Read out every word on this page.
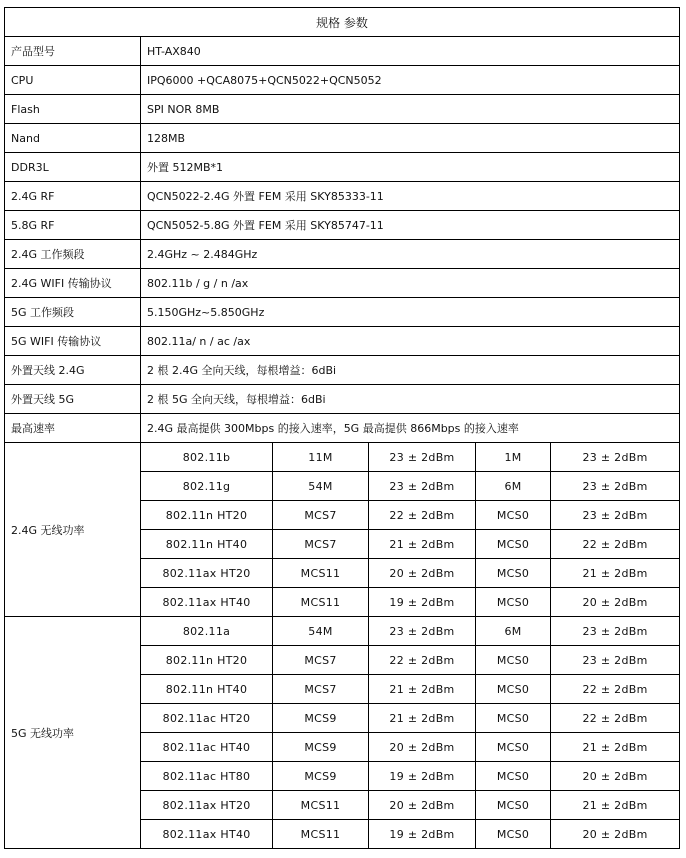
规格 参数					
产品型号	HT-AX840				
CPU	IPQ6000 +QCA8075+QCN5022+QCN5052				
Flash	SPI NOR 8MB				
Nand	128MB				
DDR3L	外置 512MB*1				
2.4G RF	QCN5022-2.4G 外置 FEM 采用 SKY85333-11				
5.8G RF	QCN5052-5.8G 外置 FEM 采用 SKY85747-11				
2.4G 工作频段	2.4GHz ~ 2.484GHz				
2.4G WIFI 传输协议	802.11b / g / n /ax				
5G 工作频段	5.150GHz~5.850GHz				
5G WIFI 传输协议	802.11a/ n / ac /ax				
外置天线 2.4G	2 根 2.4G 全向天线，每根增益：6dBi				
外置天线 5G	2 根 5G 全向天线，每根增益：6dBi				
最高速率	2.4G 最高提供 300Mbps 的接入速率，5G 最高提供 866Mbps 的接入速率				
2.4G 无线功率	802.11b	11M	23 ± 2dBm	1M	23 ± 2dBm
	802.11g	54M	23 ± 2dBm	6M	23 ± 2dBm
	802.11n HT20	MCS7	22 ± 2dBm	MCS0	23 ± 2dBm
	802.11n HT40	MCS7	21 ± 2dBm	MCS0	22 ± 2dBm
	802.11ax HT20	MCS11	20 ± 2dBm	MCS0	21 ± 2dBm
	802.11ax HT40	MCS11	19 ± 2dBm	MCS0	20 ± 2dBm
5G 无线功率	802.11a	54M	23 ± 2dBm	6M	23 ± 2dBm
	802.11n HT20	MCS7	22 ± 2dBm	MCS0	23 ± 2dBm
	802.11n HT40	MCS7	21 ± 2dBm	MCS0	22 ± 2dBm
	802.11ac HT20	MCS9	21 ± 2dBm	MCS0	22 ± 2dBm
	802.11ac HT40	MCS9	20 ± 2dBm	MCS0	21 ± 2dBm
	802.11ac HT80	MCS9	19 ± 2dBm	MCS0	20 ± 2dBm
	802.11ax HT20	MCS11	20 ± 2dBm	MCS0	21 ± 2dBm
	802.11ax HT40	MCS11	19 ± 2dBm	MCS0	20 ± 2dBm
